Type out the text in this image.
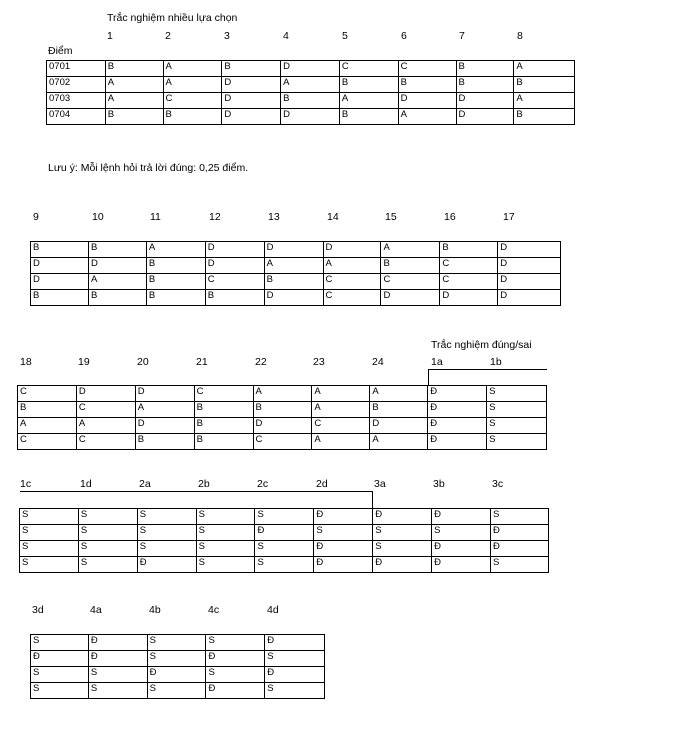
Trắc nghiệm nhiều lựa chọn
Điểm
1	2	3	4	5	6	7	8
0701	B	A	B	D	C	C	B	A
0702	A	A	D	A	B	B	B	B
0703	A	C	D	B	A	D	D	A
0704	B	B	D	D	B	A	D	B
Lưu ý: Mỗi lệnh hỏi trả lời đúng: 0,25 điểm.
9	10	11	12	13	14	15	16	17
B	B	A	D	D	D	A	B	D
D	D	B	D	A	A	B	C	D
D	A	B	C	B	C	C	C	D
B	B	B	B	D	C	D	D	D
Trắc nghiệm đúng/sai
18	19	20	21	22	23	24	1a	1b
C	D	D	C	A	A	A	Đ	S
B	C	A	B	B	A	B	Đ	S
A	A	D	B	D	C	D	Đ	S
C	C	B	B	C	A	A	Đ	S
1c	1d	2a	2b	2c	2d	3a	3b	3c
S	S	S	S	S	Đ	Đ	Đ	S
S	S	S	S	Đ	S	S	S	Đ
S	S	S	S	S	Đ	S	Đ	Đ
S	S	Đ	S	S	Đ	Đ	Đ	S
3d	4a	4b	4c	4d
S	Đ	S	S	Đ
Đ	Đ	S	Đ	S
S	S	Đ	S	Đ
S	S	S	Đ	S
